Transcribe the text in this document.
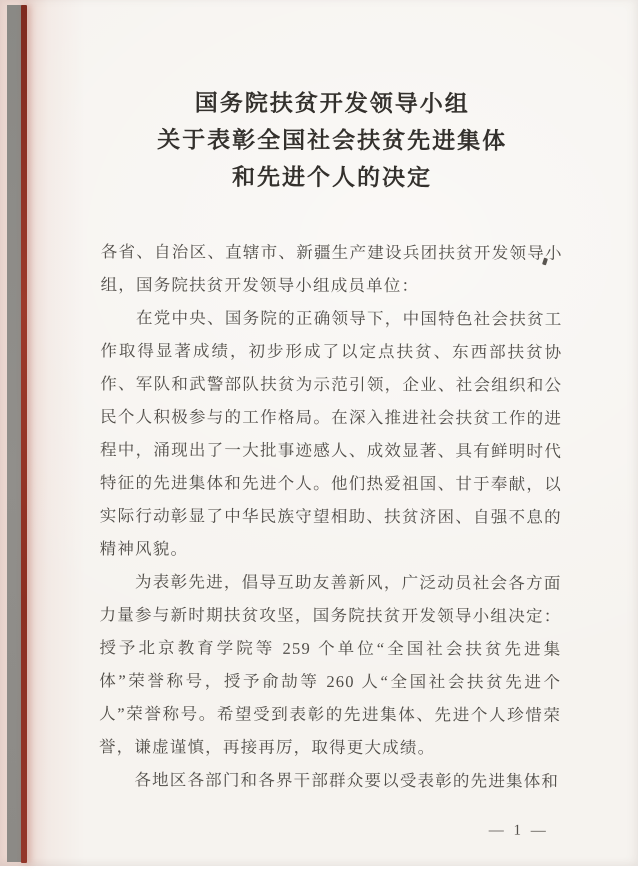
国务院扶贫开发领导小组
关于表彰全国社会扶贫先进集体
和先进个人的决定

各省、自治区、直辖市、新疆生产建设兵团扶贫开发领导小组，国务院扶贫开发领导小组成员单位：

在党中央、国务院的正确领导下，中国特色社会扶贫工作取得显著成绩，初步形成了以定点扶贫、东西部扶贫协作、军队和武警部队扶贫为示范引领，企业、社会组织和公民个人积极参与的工作格局。在深入推进社会扶贫工作的进程中，涌现出了一大批事迹感人、成效显著、具有鲜明时代特征的先进集体和先进个人。他们热爱祖国、甘于奉献，以实际行动彰显了中华民族守望相助、扶贫济困、自强不息的精神风貌。

为表彰先进，倡导互助友善新风，广泛动员社会各方面力量参与新时期扶贫攻坚，国务院扶贫开发领导小组决定：授予北京教育学院等 259 个单位“全国社会扶贫先进集体”荣誉称号，授予俞劼等 260 人“全国社会扶贫先进个人”荣誉称号。希望受到表彰的先进集体、先进个人珍惜荣誉，谦虚谨慎，再接再厉，取得更大成绩。

各地区各部门和各界干部群众要以受表彰的先进集体和

— 1 —
